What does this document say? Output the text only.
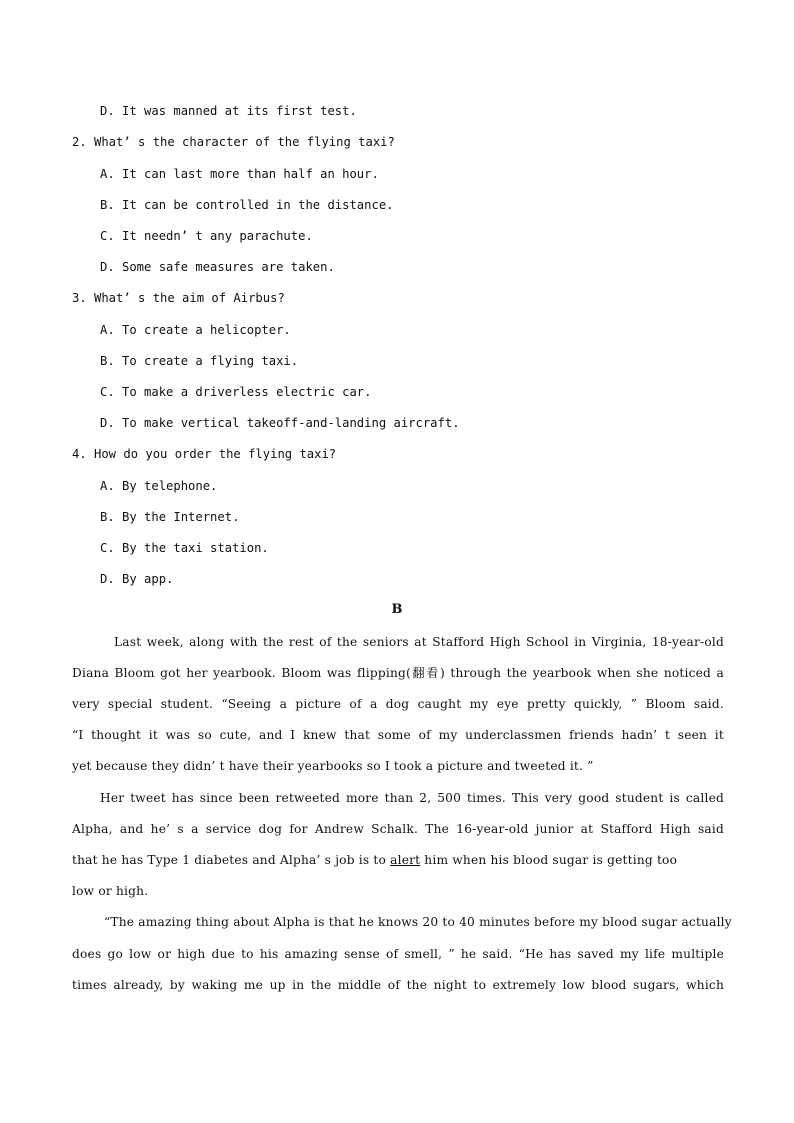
D. It was manned at its first test.
2. What’ s the character of the flying taxi?
A. It can last more than half an hour.
B. It can be controlled in the distance.
C. It needn’ t any parachute.
D. Some safe measures are taken.
3. What’ s the aim of Airbus?
A. To create a helicopter.
B. To create a flying taxi.
C. To make a driverless electric car.
D. To make vertical takeoff-and-landing aircraft.
4. How do you order the flying taxi?
A. By telephone.
B. By the Internet.
C. By the taxi station.
D. By app.
B
Last week, along with the rest of the seniors at Stafford High School in Virginia, 18-year-old
Diana Bloom got her yearbook. Bloom was flipping(翻看) through the yearbook when she noticed a
very special student. “Seeing a picture of a dog caught my eye pretty quickly, ” Bloom said.
“I thought it was so cute, and I knew that some of my underclassmen friends hadn’ t seen it
yet because they didn’ t have their yearbooks so I took a picture and tweeted it. ”
Her tweet has since been retweeted more than 2, 500 times. This very good student is called
Alpha, and he’ s a service dog for Andrew Schalk. The 16-year-old junior at Stafford High said
that he has Type 1 diabetes and Alpha’ s job is to alert him when his blood sugar is getting too
low or high.
“The amazing thing about Alpha is that he knows 20 to 40 minutes before my blood sugar actually
does go low or high due to his amazing sense of smell, ” he said. “He has saved my life multiple
times already, by waking me up in the middle of the night to extremely low blood sugars, which
